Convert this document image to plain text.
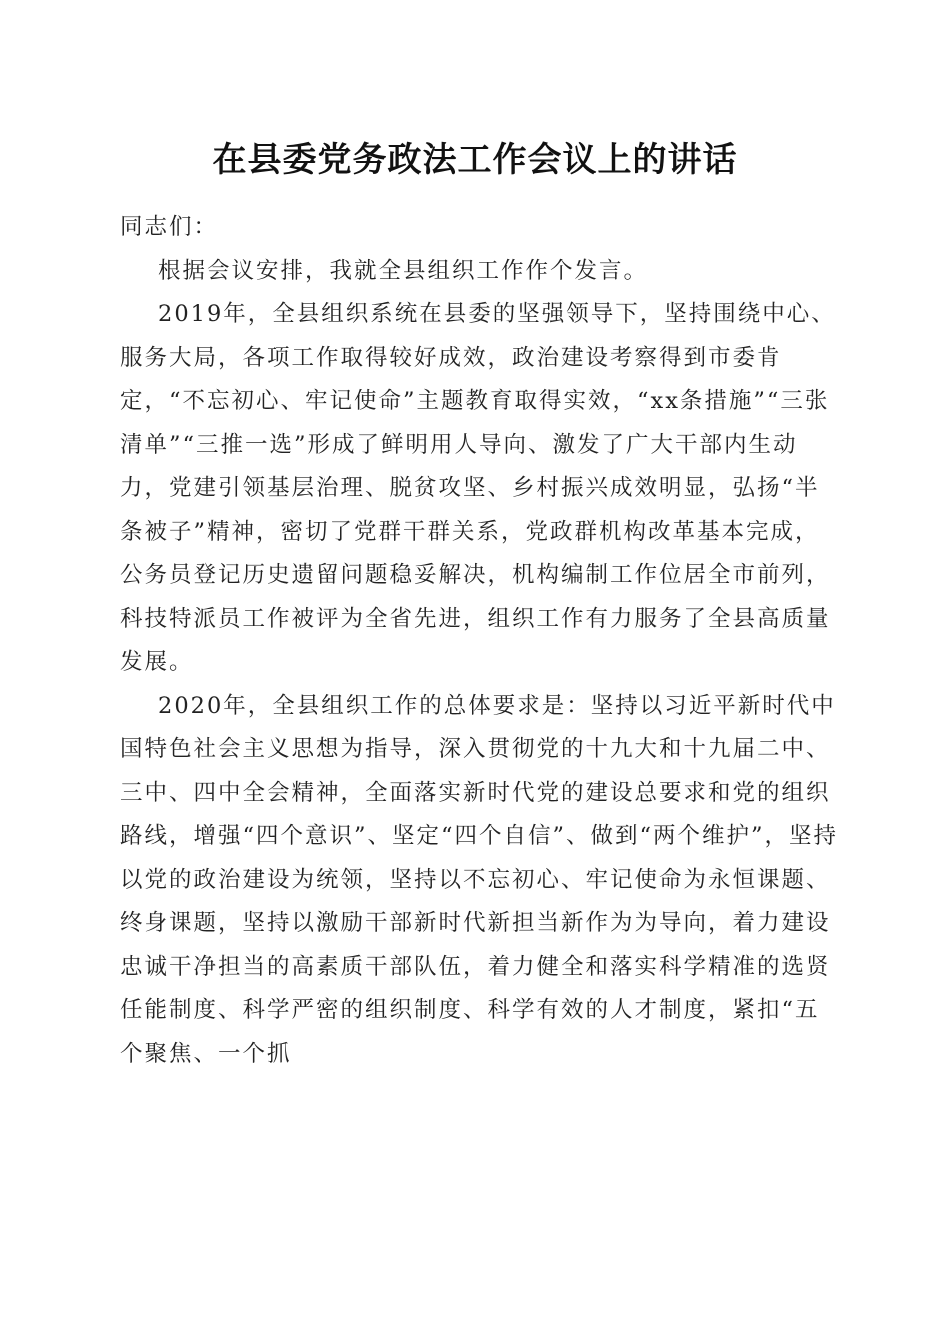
在县委党务政法工作会议上的讲话

同志们：

根据会议安排，我就全县组织工作作个发言。

2019年，全县组织系统在县委的坚强领导下，坚持围绕中心、服务大局，各项工作取得较好成效，政治建设考察得到市委肯定，“不忘初心、牢记使命”主题教育取得实效，“xx条措施”“三张清单”“三推一选”形成了鲜明用人导向、激发了广大干部内生动力，党建引领基层治理、脱贫攻坚、乡村振兴成效明显，弘扬“半条被子”精神，密切了党群干群关系，党政群机构改革基本完成，公务员登记历史遗留问题稳妥解决，机构编制工作位居全市前列，科技特派员工作被评为全省先进，组织工作有力服务了全县高质量发展。

2020年，全县组织工作的总体要求是：坚持以习近平新时代中国特色社会主义思想为指导，深入贯彻党的十九大和十九届二中、三中、四中全会精神，全面落实新时代党的建设总要求和党的组织路线，增强“四个意识”、坚定“四个自信”、做到“两个维护”，坚持以党的政治建设为统领，坚持以不忘初心、牢记使命为永恒课题、终身课题，坚持以激励干部新时代新担当新作为为导向，着力建设忠诚干净担当的高素质干部队伍，着力健全和落实科学精准的选贤任能制度、科学严密的组织制度、科学有效的人才制度，紧扣“五个聚焦、一个抓
